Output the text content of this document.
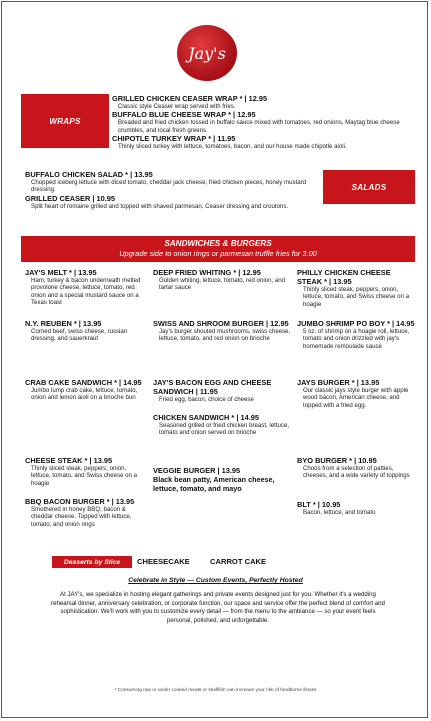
Jay's
WRAPS
GRILLED CHICKEN CEASER WRAP * | 12.95
Classic style Ceaser wrap served with fries.
BUFFALO BLUE CHEESE WRAP * | 12.95
Breaded and fried chicken tossed in buffalo sauce mixed with tomatoes, red onions, Maytag blue cheese crumbles, and local fresh greens.
CHIPOTLE TURKEY WRAP * | 11.95
Thinly sliced turkey with lettuce, tomatoes, bacon, and our house made chipotle aioli.
BUFFALO CHICKEN SALAD * | 13.95
Chopped iceberg lettuce with diced tomato, cheddar jack cheese, fried chicken pieces, honey mustard dressing.
GRILLED CEASER | 10.95
Split heart of romaine grilled and topped with shaved parmesan, Ceaser dressing and croutons.
SALADS
SANDWICHES & BURGERS
Upgrade side to onion rings or parmesan truffle fries for 3.00
JAY'S MELT * | 13.95
Ham, turkey & bacon underneath melted provolone cheese, lettuce, tomato, red onion and a special mustard sauce on a Texas toast
N.Y. REUBEN * | 13.95
Corned beef, swiss cheese, russian dressing, and sauerkraut
CRAB CAKE SANDWICH * | 14.95
Jumbo lump crab cake, lettuce, tomato, onion and lemon aioli on a brioche bun
CHEESE STEAK * | 13.95
Thinly sliced steak, peppers, onion, lettuce, tomato, and Swiss cheese on a hoagie
BBQ BACON BURGER * | 13.95
Smothered in honey BBQ, bacon & cheddar cheese. Topped with lettuce, tomato, and onion rings
DEEP FRIED WHITING * | 12.95
Golden whiting, lettuce, tomato, red onion, and tartar sauce
SWISS AND SHROOM BURGER | 12.95
Jay's burger shouted mushrooms, swiss cheese, lettuce, tomato, and red onion on brioche
JAY'S BACON EGG AND CHEESE SANDWICH | 11.95
Fried egg, bacon, choice of cheese
CHICKEN SANDWICH * | 14.95
Seasoned grilled or fried chicken breast, lettuce, tomato and onion served on brioche
VEGGIE BURGER | 13.95
Black bean patty, American cheese, lettuce, tomato, and mayo
PHILLY CHICKEN CHEESE STEAK * | 13.95
Thinly sliced steak, peppers, onion, lettuce, tomato, and Swiss cheese on a hoagie
JUMBO SHRIMP PO BOY * | 14.95
5 oz. of shrimp on a hoagie roll, lettuce, tomato and onion drizzled with jay's homemade remoulade sauce
JAYS BURGER * | 13.95
Our classic jays style burger with apple wood bacon, American cheese, and topped with a fried egg.
BYO BURGER * | 10.95
Choos from a selection of patties, cheeses, and a wide variety of toppings
BLT * | 10.95
Bacon, lettuce, and tomato
Desserts by Slice CHEESECAKE	CARROT CAKE
Celebrate in Style — Custom Events, Perfectly Hosted
At JAY's, we specialize in hosting elegant gatherings and private events designed just for you. Whether it's a wedding rehearsal dinner, anniversary celebration, or corporate function, our space and service offer the perfect blend of comfort and sophistication. We'll work with you to customize every detail — from the menu to the ambiance — so your event feels personal, polished, and unforgettable.
* Consuming raw or under cooked meats or shellfish can increase your risk of foodborne illness
